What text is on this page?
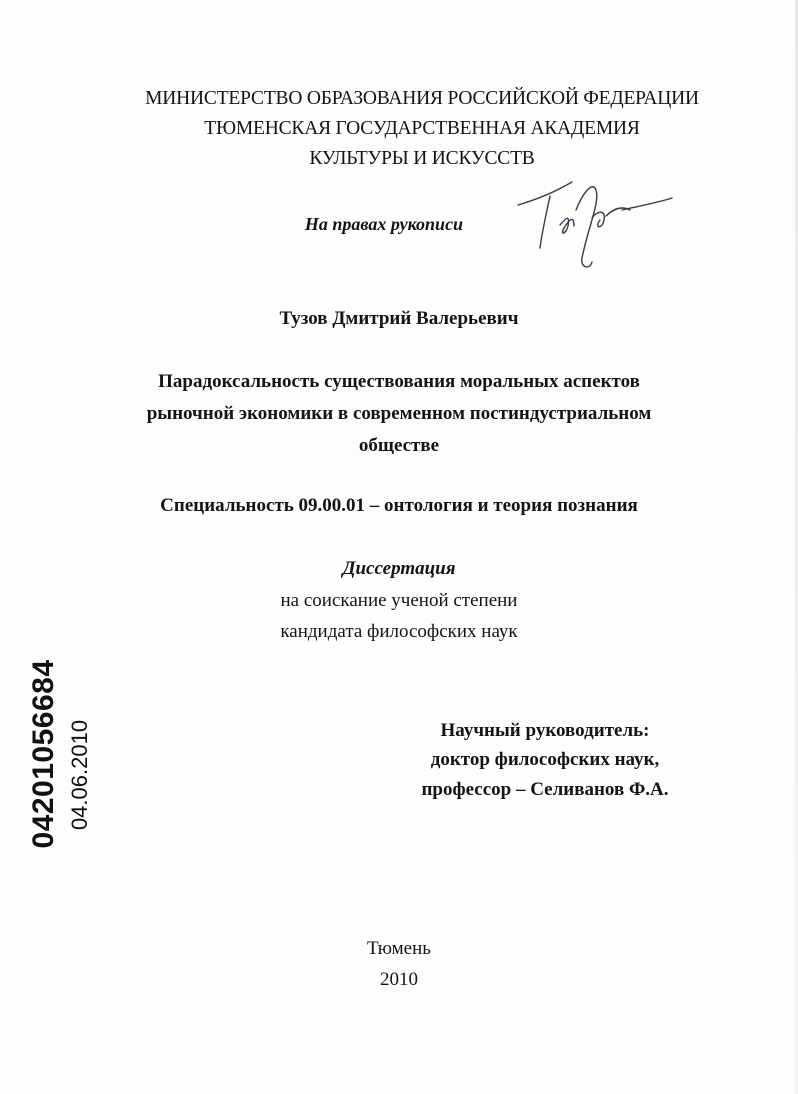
МИНИСТЕРСТВО ОБРАЗОВАНИЯ РОССИЙСКОЙ ФЕДЕРАЦИИ
ТЮМЕНСКАЯ ГОСУДАРСТВЕННАЯ АКАДЕМИЯ
КУЛЬТУРЫ И ИСКУССТВ
На правах рукописи
Тузов
Тузов Дмитрий Валерьевич
Парадоксальность существования моральных аспектов
рыночной экономики в современном постиндустриальном
обществе
Специальность 09.00.01 – онтология и теория познания
Диссертация
на соискание ученой степени
кандидата философских наук
Научный руководитель:
доктор философских наук,
профессор – Селиванов Ф.А.
04201056684 04.06.2010
Тюмень
2010
